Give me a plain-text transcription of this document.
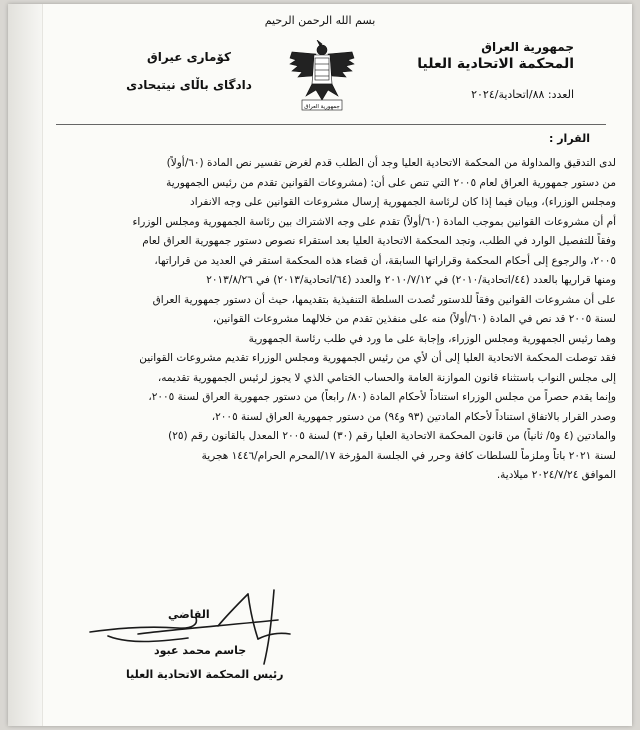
بسم الله الرحمن الرحيم
جمهورية العراق
المحكمة الاتحادية العليا
العدد: ٨٨/اتحادية/٢٠٢٤
کۆماری عیراق
دادگای باڵای نیتیحادی
جمهورية العراق
القرار :
لدى التدقيق والمداولة من المحكمة الاتحادية العليا وجد أن الطلب قدم لغرض تفسير نص المادة (٦٠/أولاً)
من دستور جمهورية العراق لعام ٢٠٠٥ التي تنص على أن: (مشروعات القوانين تقدم من رئيس الجمهورية
ومجلس الوزراء)، وبيان فيما إذا كان لرئاسة الجمهورية إرسال مشروعات القوانين على وجه الانفراد
أم أن مشروعات القوانين بموجب المادة (٦٠/أولاً) تقدم على وجه الاشتراك بين رئاسة الجمهورية ومجلس الوزراء
وفقاً للتفصيل الوارد في الطلب، وتجد المحكمة الاتحادية العليا بعد استقراء نصوص دستور جمهورية العراق لعام
٢٠٠٥، والرجوع إلى أحكام المحكمة وقراراتها السابقة، أن قضاء هذه المحكمة استقر في العديد من قراراتها،
ومنها قراريها بالعدد (٤٤/اتحادية/٢٠١٠) في ٢٠١٠/٧/١٢ والعدد (٦٤/اتحادية/٢٠١٣) في ٢٠١٣/٨/٢٦
على أن مشروعات القوانين وفقاً للدستور تُصدت السلطة التنفيذية بتقديمها، حيث أن دستور جمهورية العراق
لسنة ٢٠٠٥ قد نص في المادة (٦٠/أولاً) منه على منفذين تقدم من خلالهما مشروعات القوانين،
وهما رئيس الجمهورية ومجلس الوزراء، وإجابة على ما ورد في طلب رئاسة الجمهورية
فقد توصلت المحكمة الاتحادية العليا إلى أن لأي من رئيس الجمهورية ومجلس الوزراء تقديم مشروعات القوانين
إلى مجلس النواب باستثناء قانون الموازنة العامة والحساب الختامي الذي لا يجوز لرئيس الجمهورية تقديمه،
وإنما يقدم حصراً من مجلس الوزراء استناداً لأحكام المادة (٨٠/ رابعاً) من دستور جمهورية العراق لسنة ٢٠٠٥،
وصدر القرار بالاتفاق استناداً لأحكام المادتين (٩٣ و٩٤) من دستور جمهورية العراق لسنة ٢٠٠٥،
والمادتين (٤ و٥/ ثانياً) من قانون المحكمة الاتحادية العليا رقم (٣٠) لسنة ٢٠٠٥ المعدل بالقانون رقم (٢٥)
لسنة ٢٠٢١ باتاً وملزماً للسلطات كافة وحرر في الجلسة المؤرخة ١٧/المحرم الحرام/١٤٤٦ هجرية
الموافق ٢٠٢٤/٧/٢٤ ميلادية.
القاضي
جاسم محمد عبود
رئيس المحكمة الاتحادية العليا
